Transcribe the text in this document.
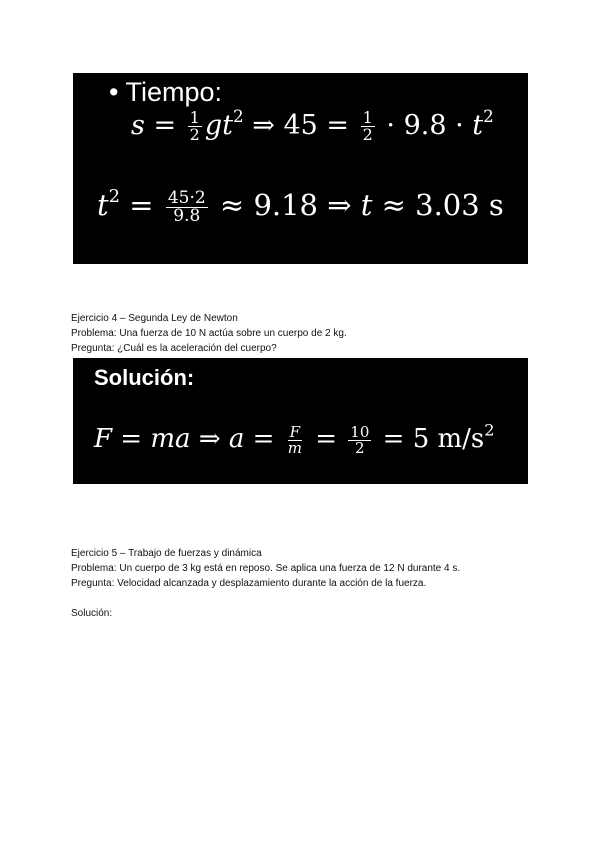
• Tiempo:
$s = \frac{1}{2} gt^2$ ⇒ $45 = \frac{1}{2} \cdot 9.8 \cdot t^2$
$t^2 = \frac{45\cdot 2}{9.8} \approx 9.18$ ⇒ t ≈ 3.03 s
Ejercicio 4 – Segunda Ley de Newton
Problema: Una fuerza de 10 N actúa sobre un cuerpo de 2 kg.
Pregunta: ¿Cuál es la aceleración del cuerpo?
Solución:
F = ma ⇒ $a = \frac{F}{m} = \frac{10}{2} = 5$ $m/s^2$
Ejercicio 5 – Trabajo de fuerzas y dinámica
Problema: Un cuerpo de 3 kg está en reposo. Se aplica una fuerza de 12 N durante 4 s.
Pregunta: Velocidad alcanzada y desplazamiento durante la acción de la fuerza.
Solución:
